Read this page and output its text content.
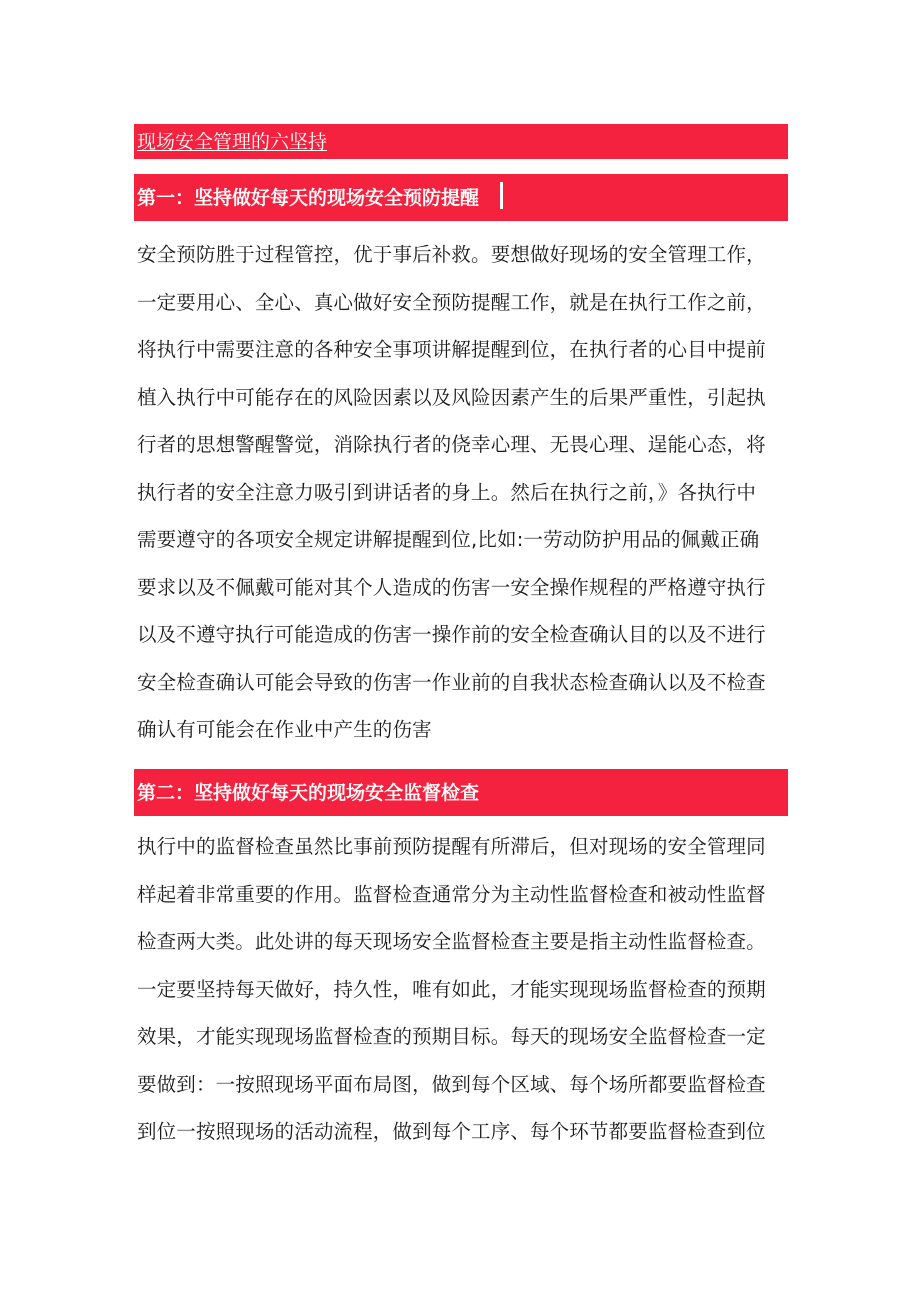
现场安全管理的六坚持
第一：坚持做好每天的现场安全预防提醒

安全预防胜于过程管控，优于事后补救。要想做好现场的安全管理工作，

一定要用心、全心、真心做好安全预防提醒工作，就是在执行工作之前，

将执行中需要注意的各种安全事项讲解提醒到位，在执行者的心目中提前

植入执行中可能存在的风险因素以及风险因素产生的后果严重性，引起执

行者的思想警醒警觉，消除执行者的侥幸心理、无畏心理、逞能心态，将

执行者的安全注意力吸引到讲话者的身上。然后在执行之前，》各执行中

需要遵守的各项安全规定讲解提醒到位,比如:一劳动防护用品的佩戴正确

要求以及不佩戴可能对其个人造成的伤害一安全操作规程的严格遵守执行

以及不遵守执行可能造成的伤害一操作前的安全检查确认目的以及不进行

安全检查确认可能会导致的伤害一作业前的自我状态检查确认以及不检查

确认有可能会在作业中产生的伤害

第二：坚持做好每天的现场安全监督检查

执行中的监督检查虽然比事前预防提醒有所滞后，但对现场的安全管理同

样起着非常重要的作用。监督检查通常分为主动性监督检查和被动性监督

检查两大类。此处讲的每天现场安全监督检查主要是指主动性监督检查。

一定要坚持每天做好，持久性，唯有如此，才能实现现场监督检查的预期

效果，才能实现现场监督检查的预期目标。每天的现场安全监督检查一定

要做到：一按照现场平面布局图，做到每个区域、每个场所都要监督检查

到位一按照现场的活动流程，做到每个工序、每个环节都要监督检查到位
